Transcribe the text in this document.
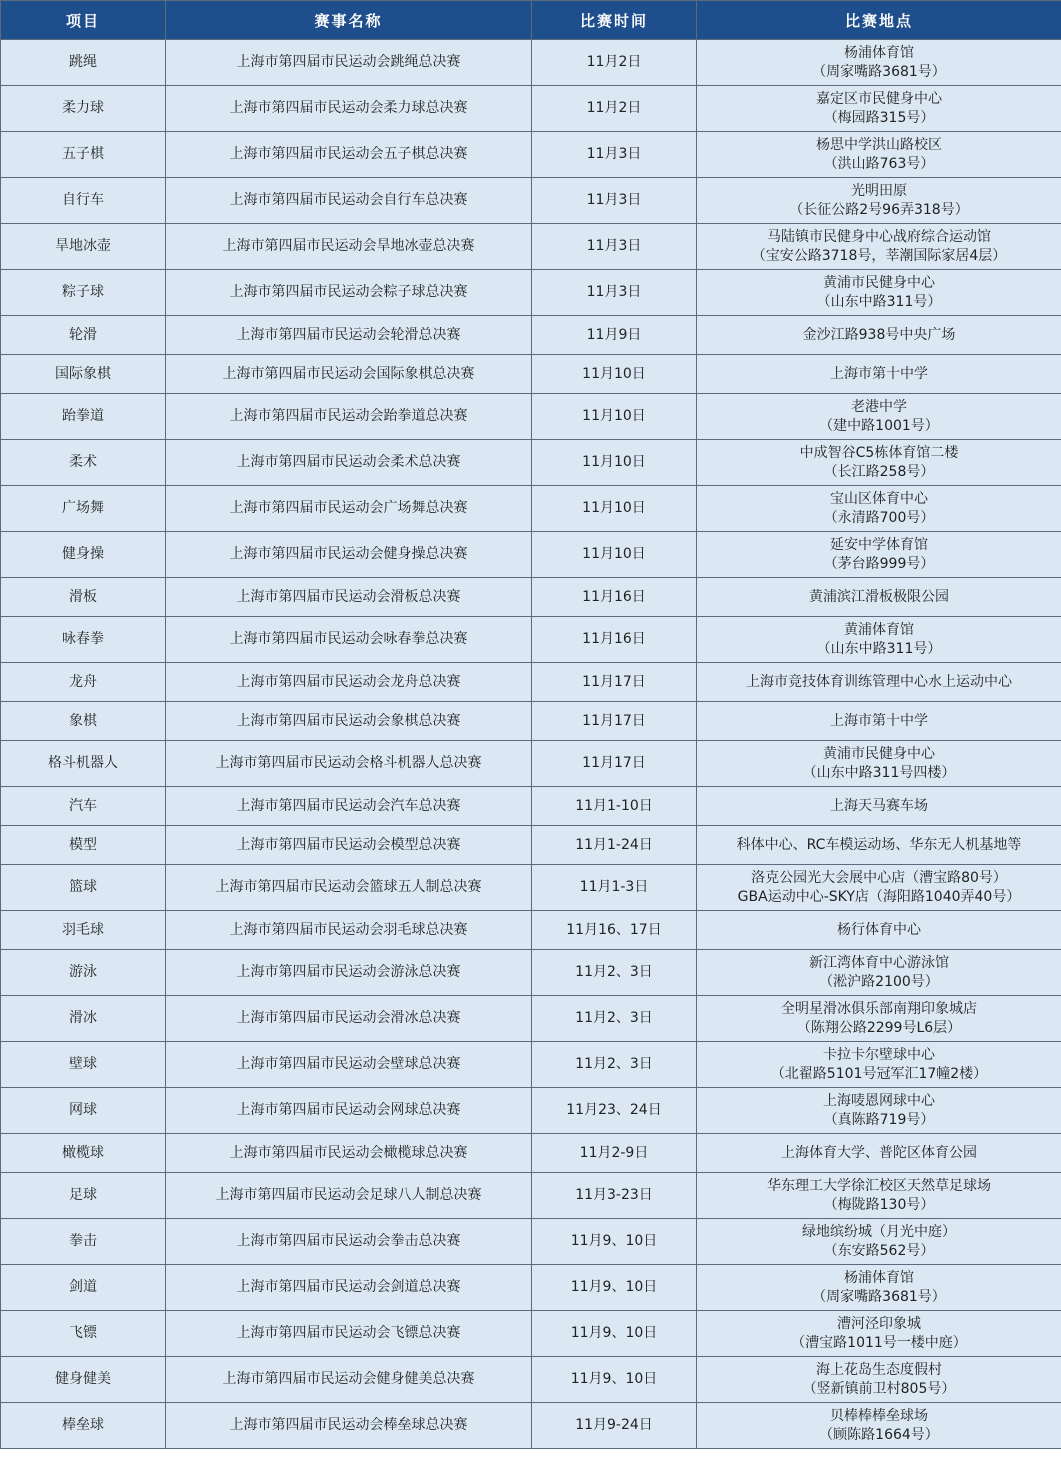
项目	赛事名称	比赛时间	比赛地点
跳绳	上海市第四届市民运动会跳绳总决赛	11月2日	杨浦体育馆
（周家嘴路3681号）

柔力球	上海市第四届市民运动会柔力球总决赛	11月2日	嘉定区市民健身中心
（梅园路315号）

五子棋	上海市第四届市民运动会五子棋总决赛	11月3日	杨思中学洪山路校区
（洪山路763号）

自行车	上海市第四届市民运动会自行车总决赛	11月3日	光明田原
（长征公路2号96弄318号）

旱地冰壶	上海市第四届市民运动会旱地冰壶总决赛	11月3日	马陆镇市民健身中心战府综合运动馆
（宝安公路3718号，莘潮国际家居4层）

粽子球	上海市第四届市民运动会粽子球总决赛	11月3日	黄浦市民健身中心
（山东中路311号）

轮滑	上海市第四届市民运动会轮滑总决赛	11月9日	金沙江路938号中央广场

国际象棋	上海市第四届市民运动会国际象棋总决赛	11月10日	上海市第十中学

跆拳道	上海市第四届市民运动会跆拳道总决赛	11月10日	老港中学
（建中路1001号）

柔术	上海市第四届市民运动会柔术总决赛	11月10日	中成智谷C5栋体育馆二楼
（长江路258号）

广场舞	上海市第四届市民运动会广场舞总决赛	11月10日	宝山区体育中心
（永清路700号）

健身操	上海市第四届市民运动会健身操总决赛	11月10日	延安中学体育馆
（茅台路999号）

滑板	上海市第四届市民运动会滑板总决赛	11月16日	黄浦滨江滑板极限公园

咏春拳	上海市第四届市民运动会咏春拳总决赛	11月16日	黄浦体育馆
（山东中路311号）

龙舟	上海市第四届市民运动会龙舟总决赛	11月17日	上海市竞技体育训练管理中心水上运动中心

象棋	上海市第四届市民运动会象棋总决赛	11月17日	上海市第十中学

格斗机器人	上海市第四届市民运动会格斗机器人总决赛	11月17日	黄浦市民健身中心
（山东中路311号四楼）

汽车	上海市第四届市民运动会汽车总决赛	11月1-10日	上海天马赛车场

模型	上海市第四届市民运动会模型总决赛	11月1-24日	科体中心、RC车模运动场、华东无人机基地等

篮球	上海市第四届市民运动会篮球五人制总决赛	11月1-3日	洛克公园光大会展中心店（漕宝路80号）
GBA运动中心-SKY店（海阳路1040弄40号）

羽毛球	上海市第四届市民运动会羽毛球总决赛	11月16、17日	杨行体育中心

游泳	上海市第四届市民运动会游泳总决赛	11月2、3日	新江湾体育中心游泳馆
（淞沪路2100号）

滑冰	上海市第四届市民运动会滑冰总决赛	11月2、3日	全明星滑冰俱乐部南翔印象城店
（陈翔公路2299号L6层）

壁球	上海市第四届市民运动会壁球总决赛	11月2、3日	卡拉卡尔壁球中心
（北翟路5101号冠军汇17幢2楼）

网球	上海市第四届市民运动会网球总决赛	11月23、24日	上海唛恩网球中心
（真陈路719号）

橄榄球	上海市第四届市民运动会橄榄球总决赛	11月2-9日	上海体育大学、普陀区体育公园

足球	上海市第四届市民运动会足球八人制总决赛	11月3-23日	华东理工大学徐汇校区天然草足球场
（梅陇路130号）

拳击	上海市第四届市民运动会拳击总决赛	11月9、10日	绿地缤纷城（月光中庭）
（东安路562号）

剑道	上海市第四届市民运动会剑道总决赛	11月9、10日	杨浦体育馆
（周家嘴路3681号）

飞镖	上海市第四届市民运动会飞镖总决赛	11月9、10日	漕河泾印象城
（漕宝路1011号一楼中庭）

健身健美	上海市第四届市民运动会健身健美总决赛	11月9、10日	海上花岛生态度假村
（竖新镇前卫村805号）

棒垒球	上海市第四届市民运动会棒垒球总决赛	11月9-24日	贝棒棒棒垒球场
（顾陈路1664号）
